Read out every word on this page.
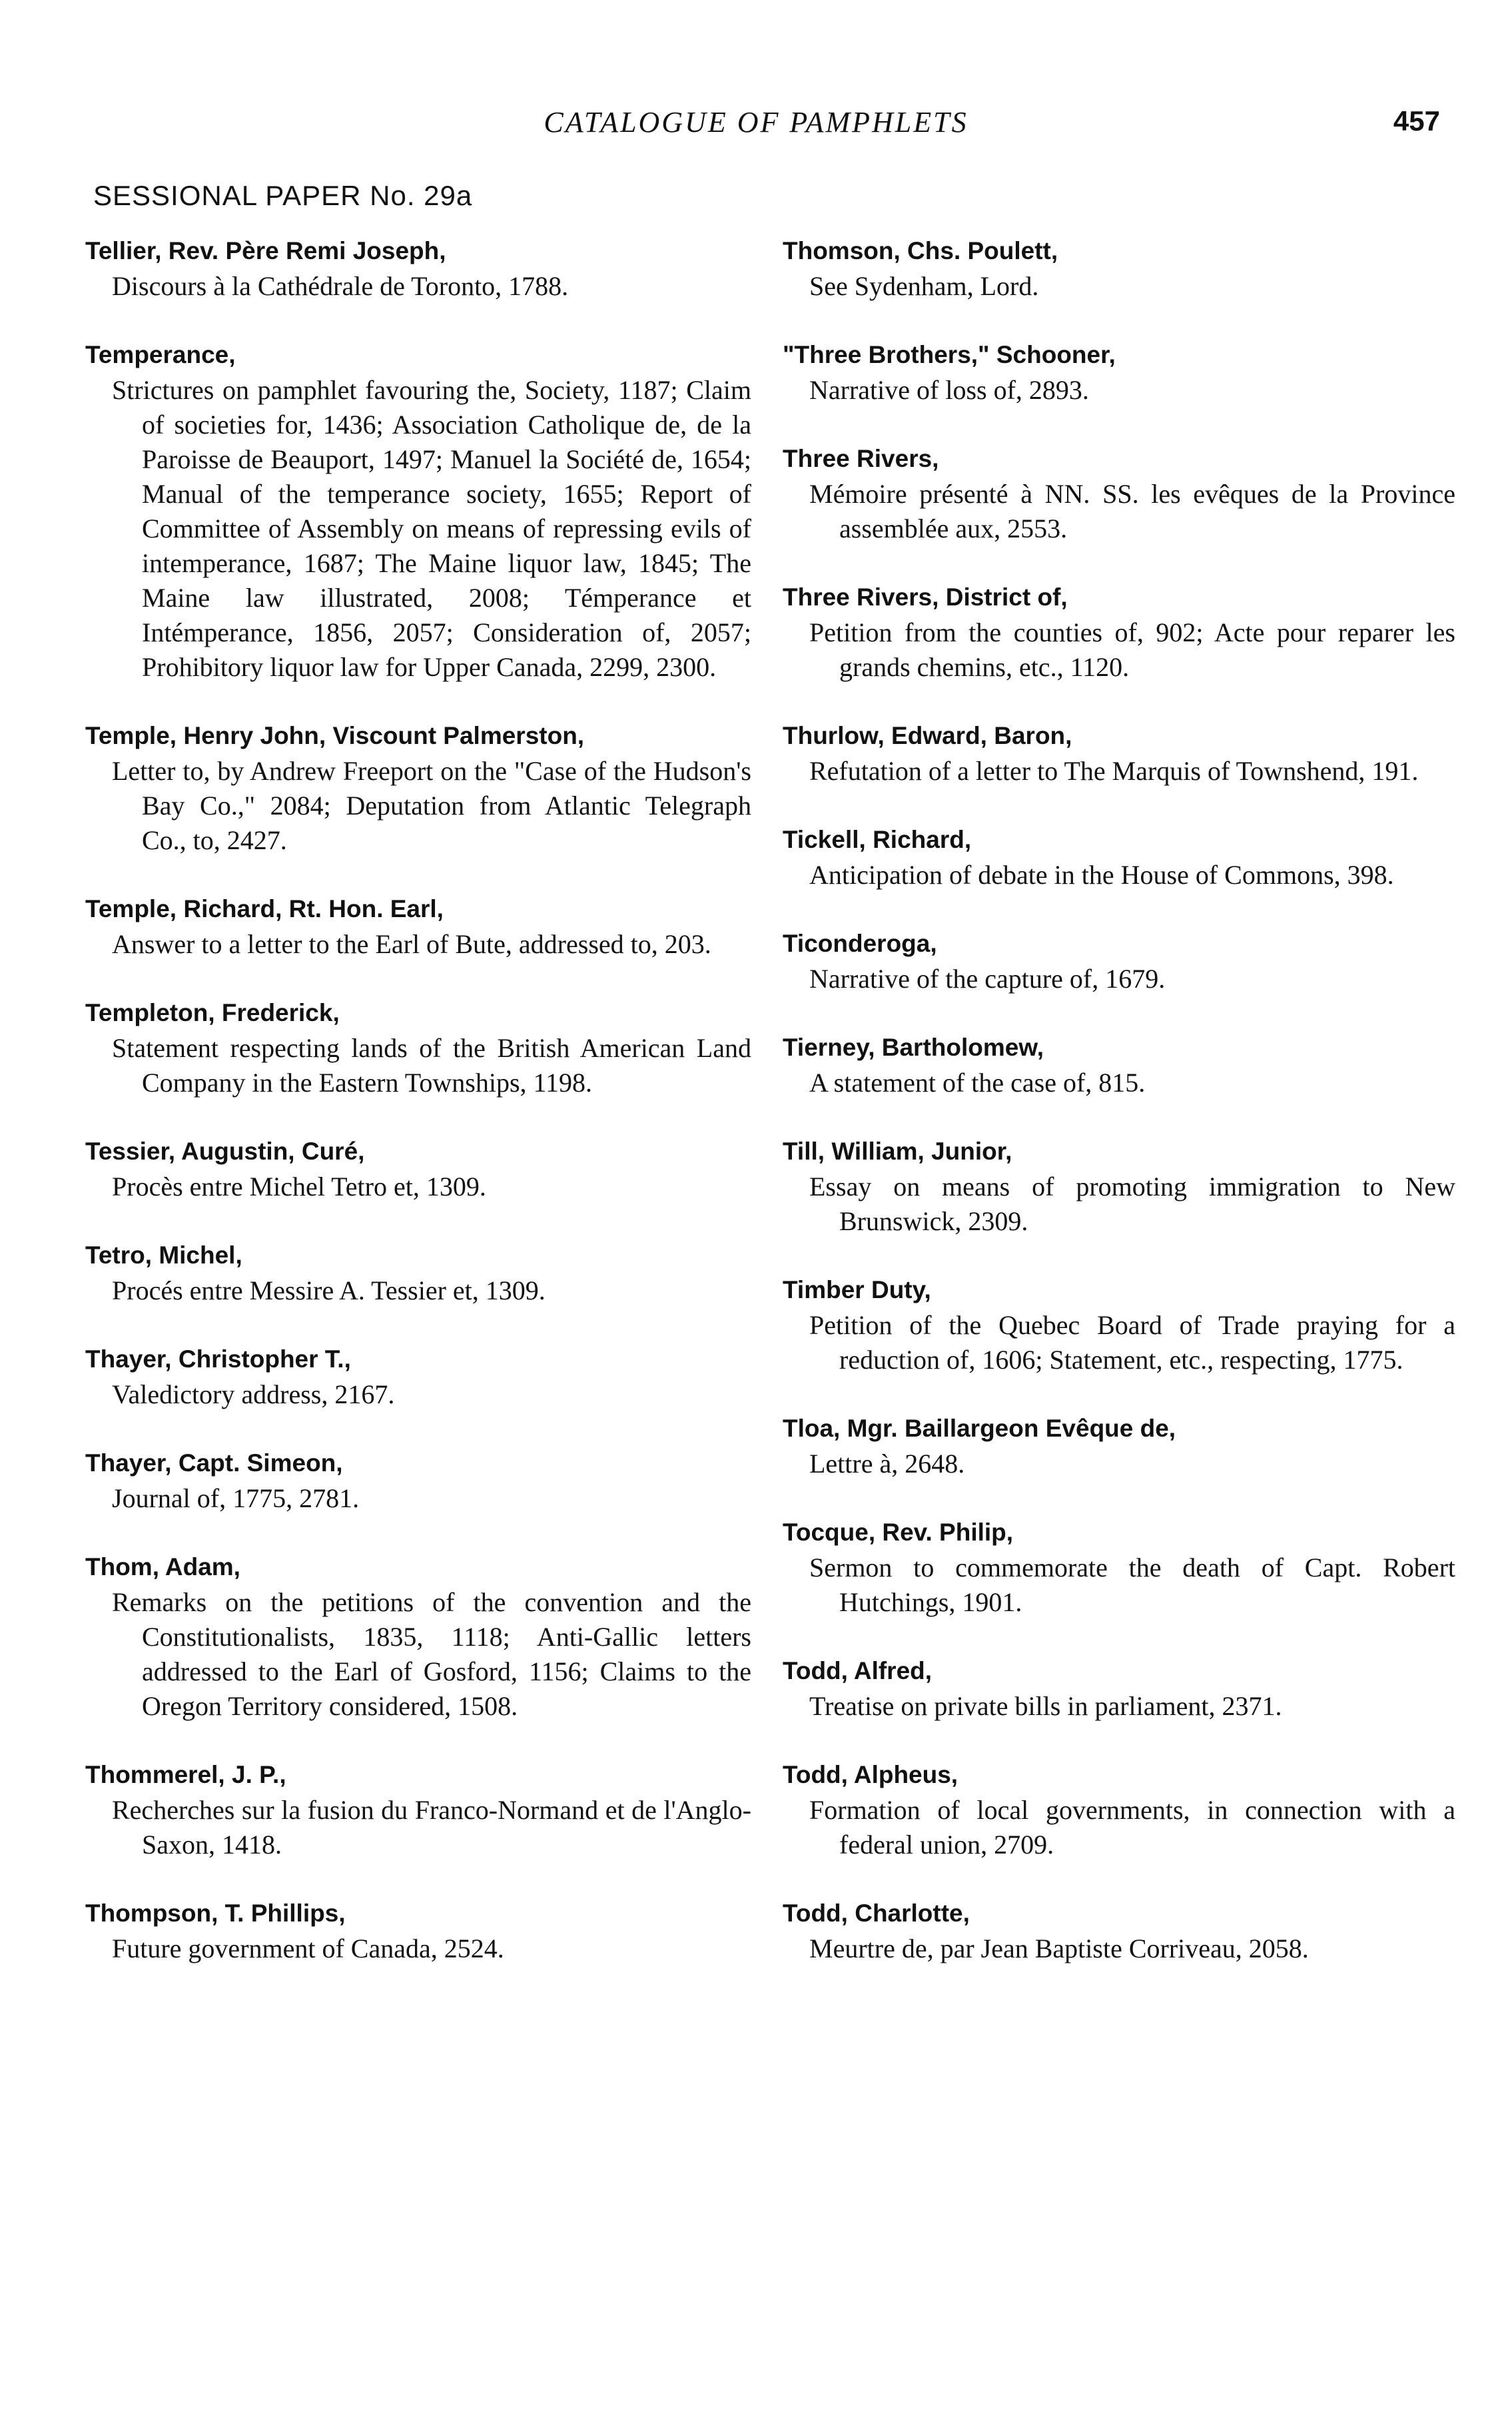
CATALOGUE OF PAMPHLETS	457
SESSIONAL PAPER No. 29a
Tellier, Rev. Père Remi Joseph,
Discours à la Cathédrale de Toronto, 1788.
Temperance,
Strictures on pamphlet favouring the, Society, 1187; Claim of societies for, 1436; Association Catholique de, de la Paroisse de Beauport, 1497; Manuel la Société de, 1654; Manual of the temperance society, 1655; Report of Committee of Assembly on means of repressing evils of intemperance, 1687; The Maine liquor law, 1845; The Maine law illustrated, 2008; Témperance et Intémperance, 1856, 2057; Consideration of, 2057; Prohibitory liquor law for Upper Canada, 2299, 2300.
Temple, Henry John, Viscount Palmerston,
Letter to, by Andrew Freeport on the "Case of the Hudson's Bay Co.," 2084; Deputation from Atlantic Telegraph Co., to, 2427.
Temple, Richard, Rt. Hon. Earl,
Answer to a letter to the Earl of Bute, addressed to, 203.
Templeton, Frederick,
Statement respecting lands of the British American Land Company in the Eastern Townships, 1198.
Tessier, Augustin, Curé,
Procès entre Michel Tetro et, 1309.
Tetro, Michel,
Procés entre Messire A. Tessier et, 1309.
Thayer, Christopher T.,
Valedictory address, 2167.
Thayer, Capt. Simeon,
Journal of, 1775, 2781.
Thom, Adam,
Remarks on the petitions of the convention and the Constitutionalists, 1835, 1118; Anti-Gallic letters addressed to the Earl of Gosford, 1156; Claims to the Oregon Territory considered, 1508.
Thommerel, J. P.,
Recherches sur la fusion du Franco-Normand et de l'Anglo-Saxon, 1418.
Thompson, T. Phillips,
Future government of Canada, 2524.
Thomson, Chs. Poulett,
See Sydenham, Lord.
"Three Brothers," Schooner,
Narrative of loss of, 2893.
Three Rivers,
Mémoire présenté à NN. SS. les evêques de la Province assemblée aux, 2553.
Three Rivers, District of,
Petition from the counties of, 902; Acte pour reparer les grands chemins, etc., 1120.
Thurlow, Edward, Baron,
Refutation of a letter to The Marquis of Townshend, 191.
Tickell, Richard,
Anticipation of debate in the House of Commons, 398.
Ticonderoga,
Narrative of the capture of, 1679.
Tierney, Bartholomew,
A statement of the case of, 815.
Till, William, Junior,
Essay on means of promoting immigration to New Brunswick, 2309.
Timber Duty,
Petition of the Quebec Board of Trade praying for a reduction of, 1606; Statement, etc., respecting, 1775.
Tloa, Mgr. Baillargeon Evêque de,
Lettre à, 2648.
Tocque, Rev. Philip,
Sermon to commemorate the death of Capt. Robert Hutchings, 1901.
Todd, Alfred,
Treatise on private bills in parliament, 2371.
Todd, Alpheus,
Formation of local governments, in connection with a federal union, 2709.
Todd, Charlotte,
Meurtre de, par Jean Baptiste Corriveau, 2058.
